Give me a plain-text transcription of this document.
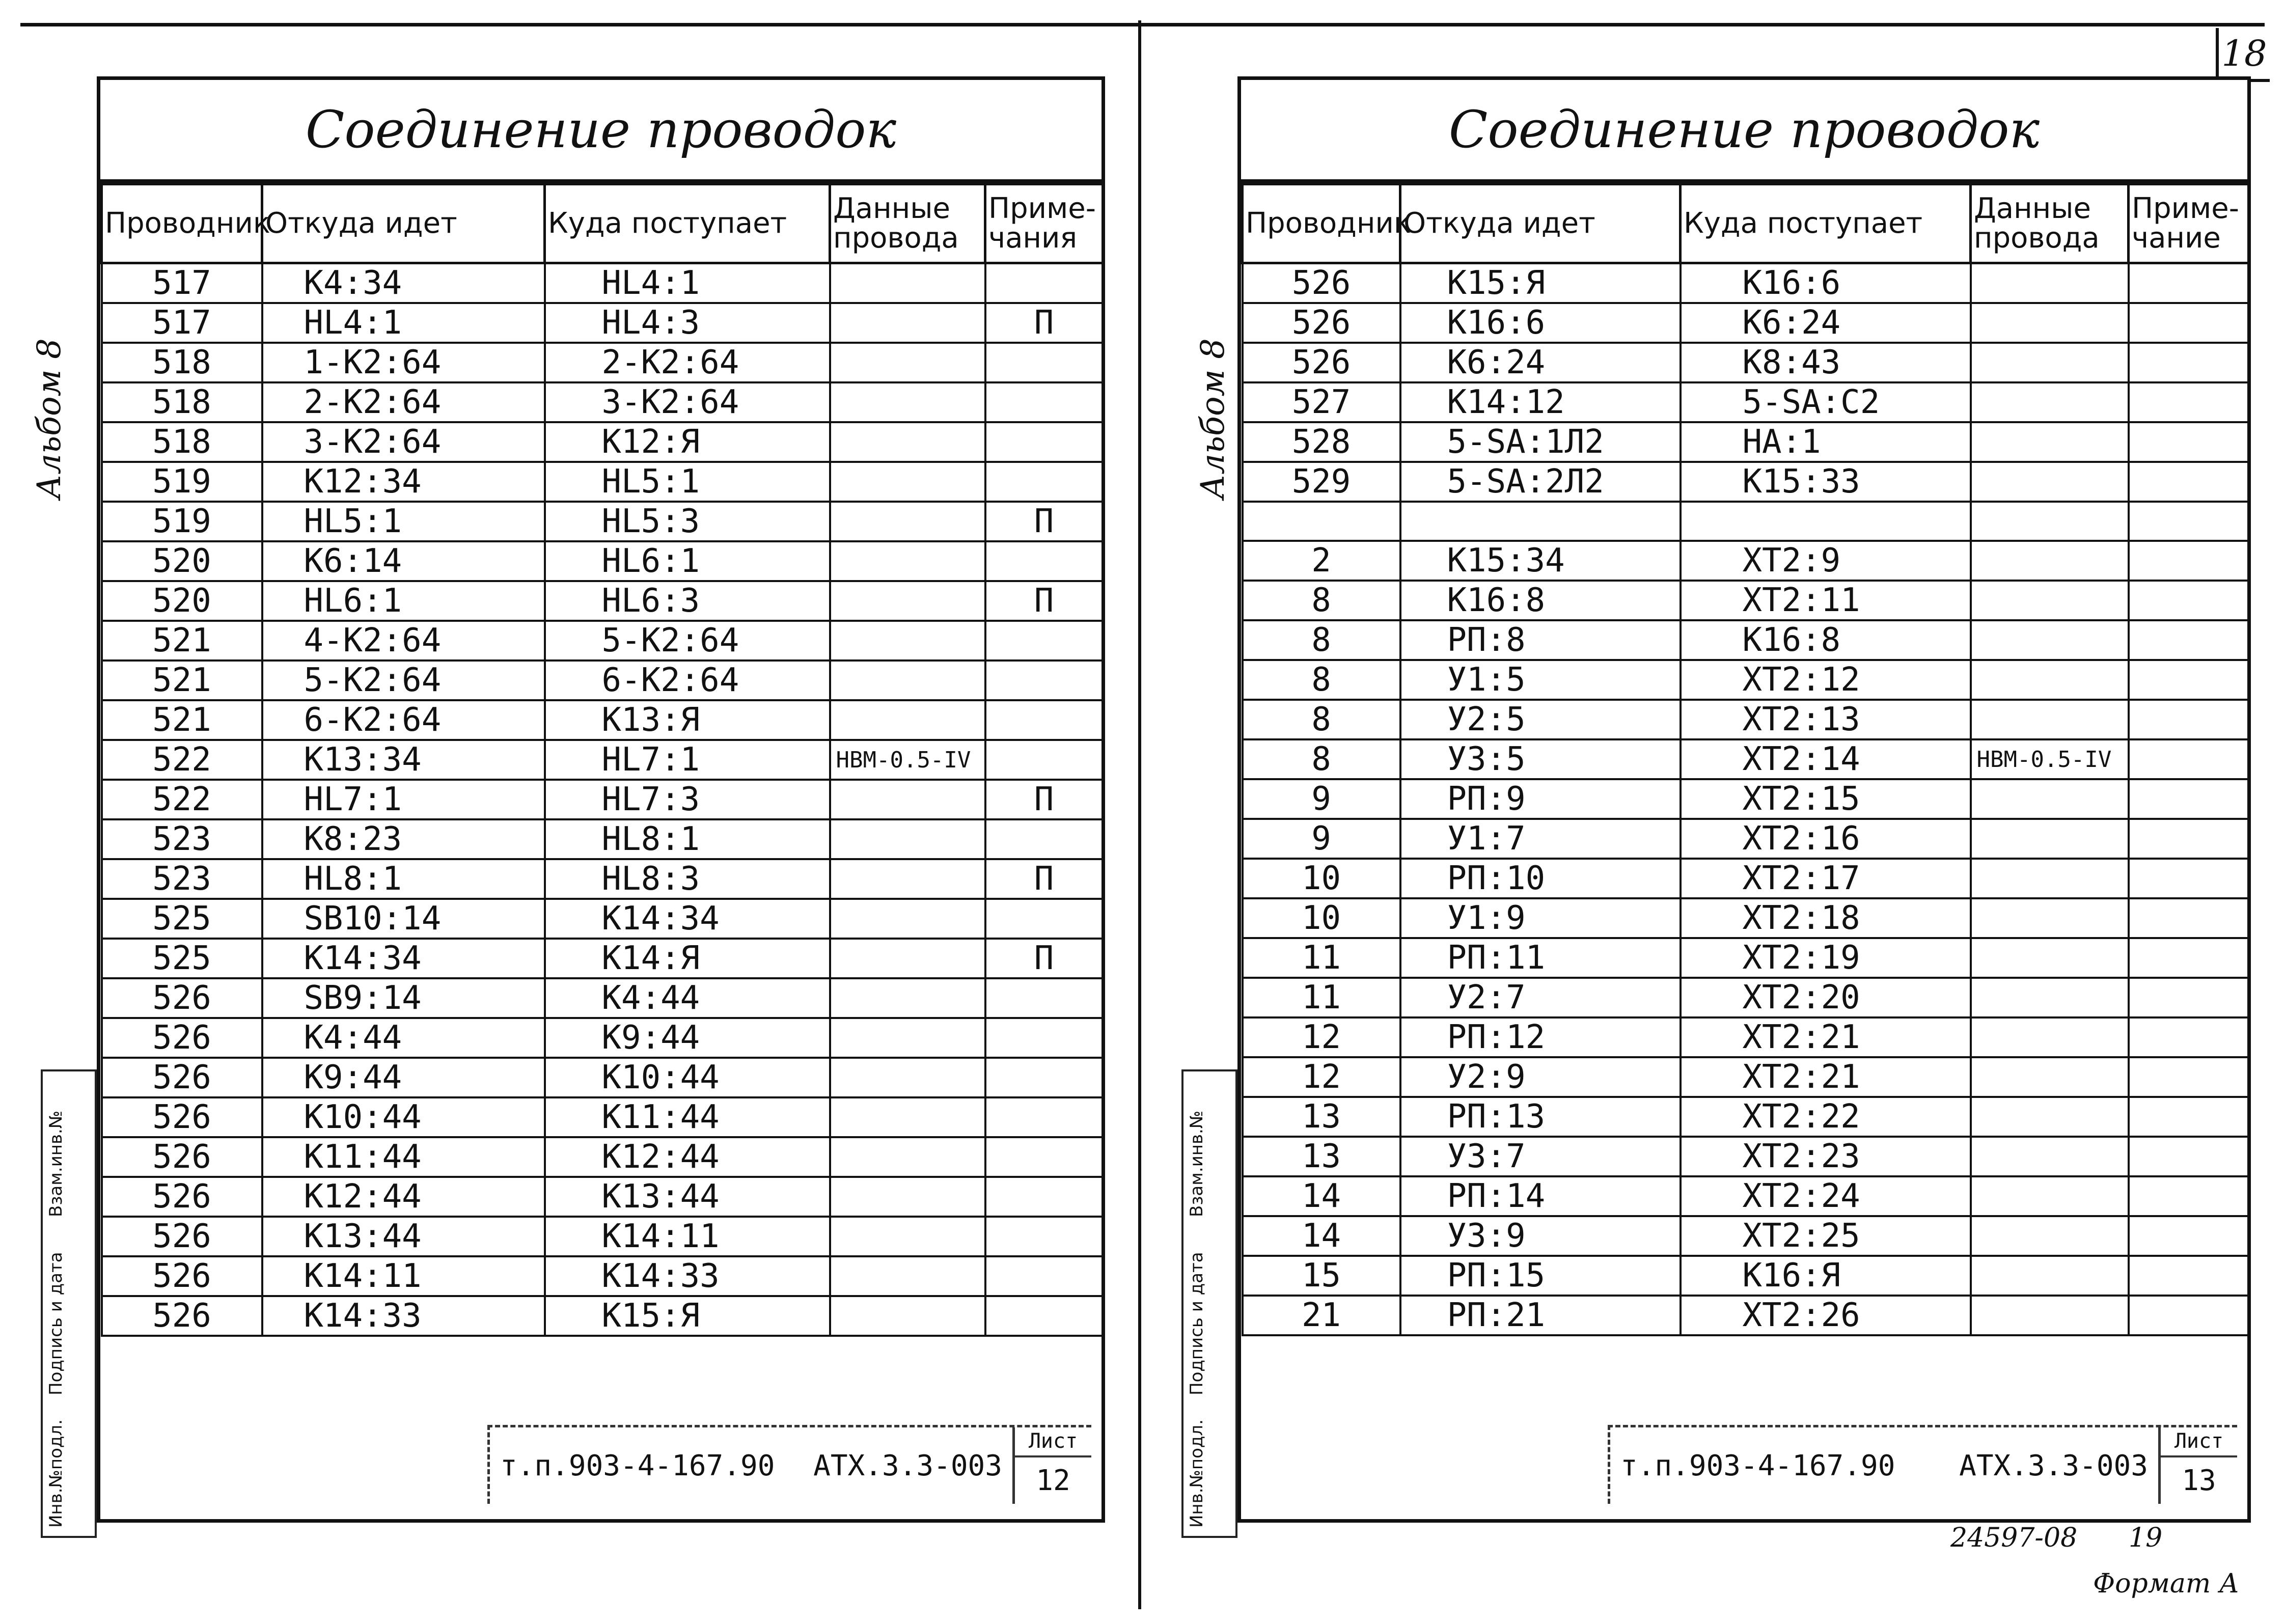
18
Альбом 8
Взам.инв.№
Подпись и дата
Инв.№подл.
Соединение проводок
Проводник	Откуда идет	Куда поступает	Данные провода	Приме-чания
517	K4:34	HL4:1		
517	HL4:1	HL4:3		П
518	1-K2:64	2-K2:64		
518	2-K2:64	3-K2:64		
518	3-K2:64	K12:Я		
519	K12:34	HL5:1		
519	HL5:1	HL5:3		П
520	K6:14	HL6:1		
520	HL6:1	HL6:3		П
521	4-K2:64	5-K2:64		
521	5-K2:64	6-K2:64		
521	6-K2:64	K13:Я		
522	K13:34	HL7:1	НВМ-0.5-IV	
522	HL7:1	HL7:3		П
523	K8:23	HL8:1		
523	HL8:1	HL8:3		П
525	SB10:14	K14:34		
525	K14:34	K14:Я		П
526	SB9:14	K4:44		
526	K4:44	K9:44		
526	K9:44	K10:44		
526	K10:44	K11:44		
526	K11:44	K12:44		
526	K12:44	K13:44		
526	K13:44	K14:11		
526	K14:11	K14:33		
526	K14:33	K15:Я		
т.п.903-4-167.90	АТХ.3.3-003
Лист
12
Альбом 8
Взам.инв.№
Подпись и дата
Инв.№подл.
Соединение проводок
Проводник	Откуда идет	Куда поступает	Данные провода	Приме-чание
526	K15:Я	K16:6		
526	K16:6	K6:24		
526	K6:24	K8:43		
527	K14:12	5-SA:C2		
528	5-SA:1Л2	HA:1		
529	5-SA:2Л2	K15:33		

2	K15:34	XT2:9		
8	K16:8	XT2:11		
8	РП:8	K16:8		
8	У1:5	XT2:12		
8	У2:5	XT2:13		
8	У3:5	XT2:14	НВМ-0.5-IV	
9	РП:9	XT2:15		
9	У1:7	XT2:16		
10	РП:10	XT2:17		
10	У1:9	XT2:18		
11	РП:11	XT2:19		
11	У2:7	XT2:20		
12	РП:12	XT2:21		
12	У2:9	XT2:21		
13	РП:13	XT2:22		
13	У3:7	XT2:23		
14	РП:14	XT2:24		
14	У3:9	XT2:25		
15	РП:15	K16:Я		
21	РП:21	XT2:26		
т.п.903-4-167.90	АТХ.3.3-003
Лист
13
24597-08 19
Формат А
